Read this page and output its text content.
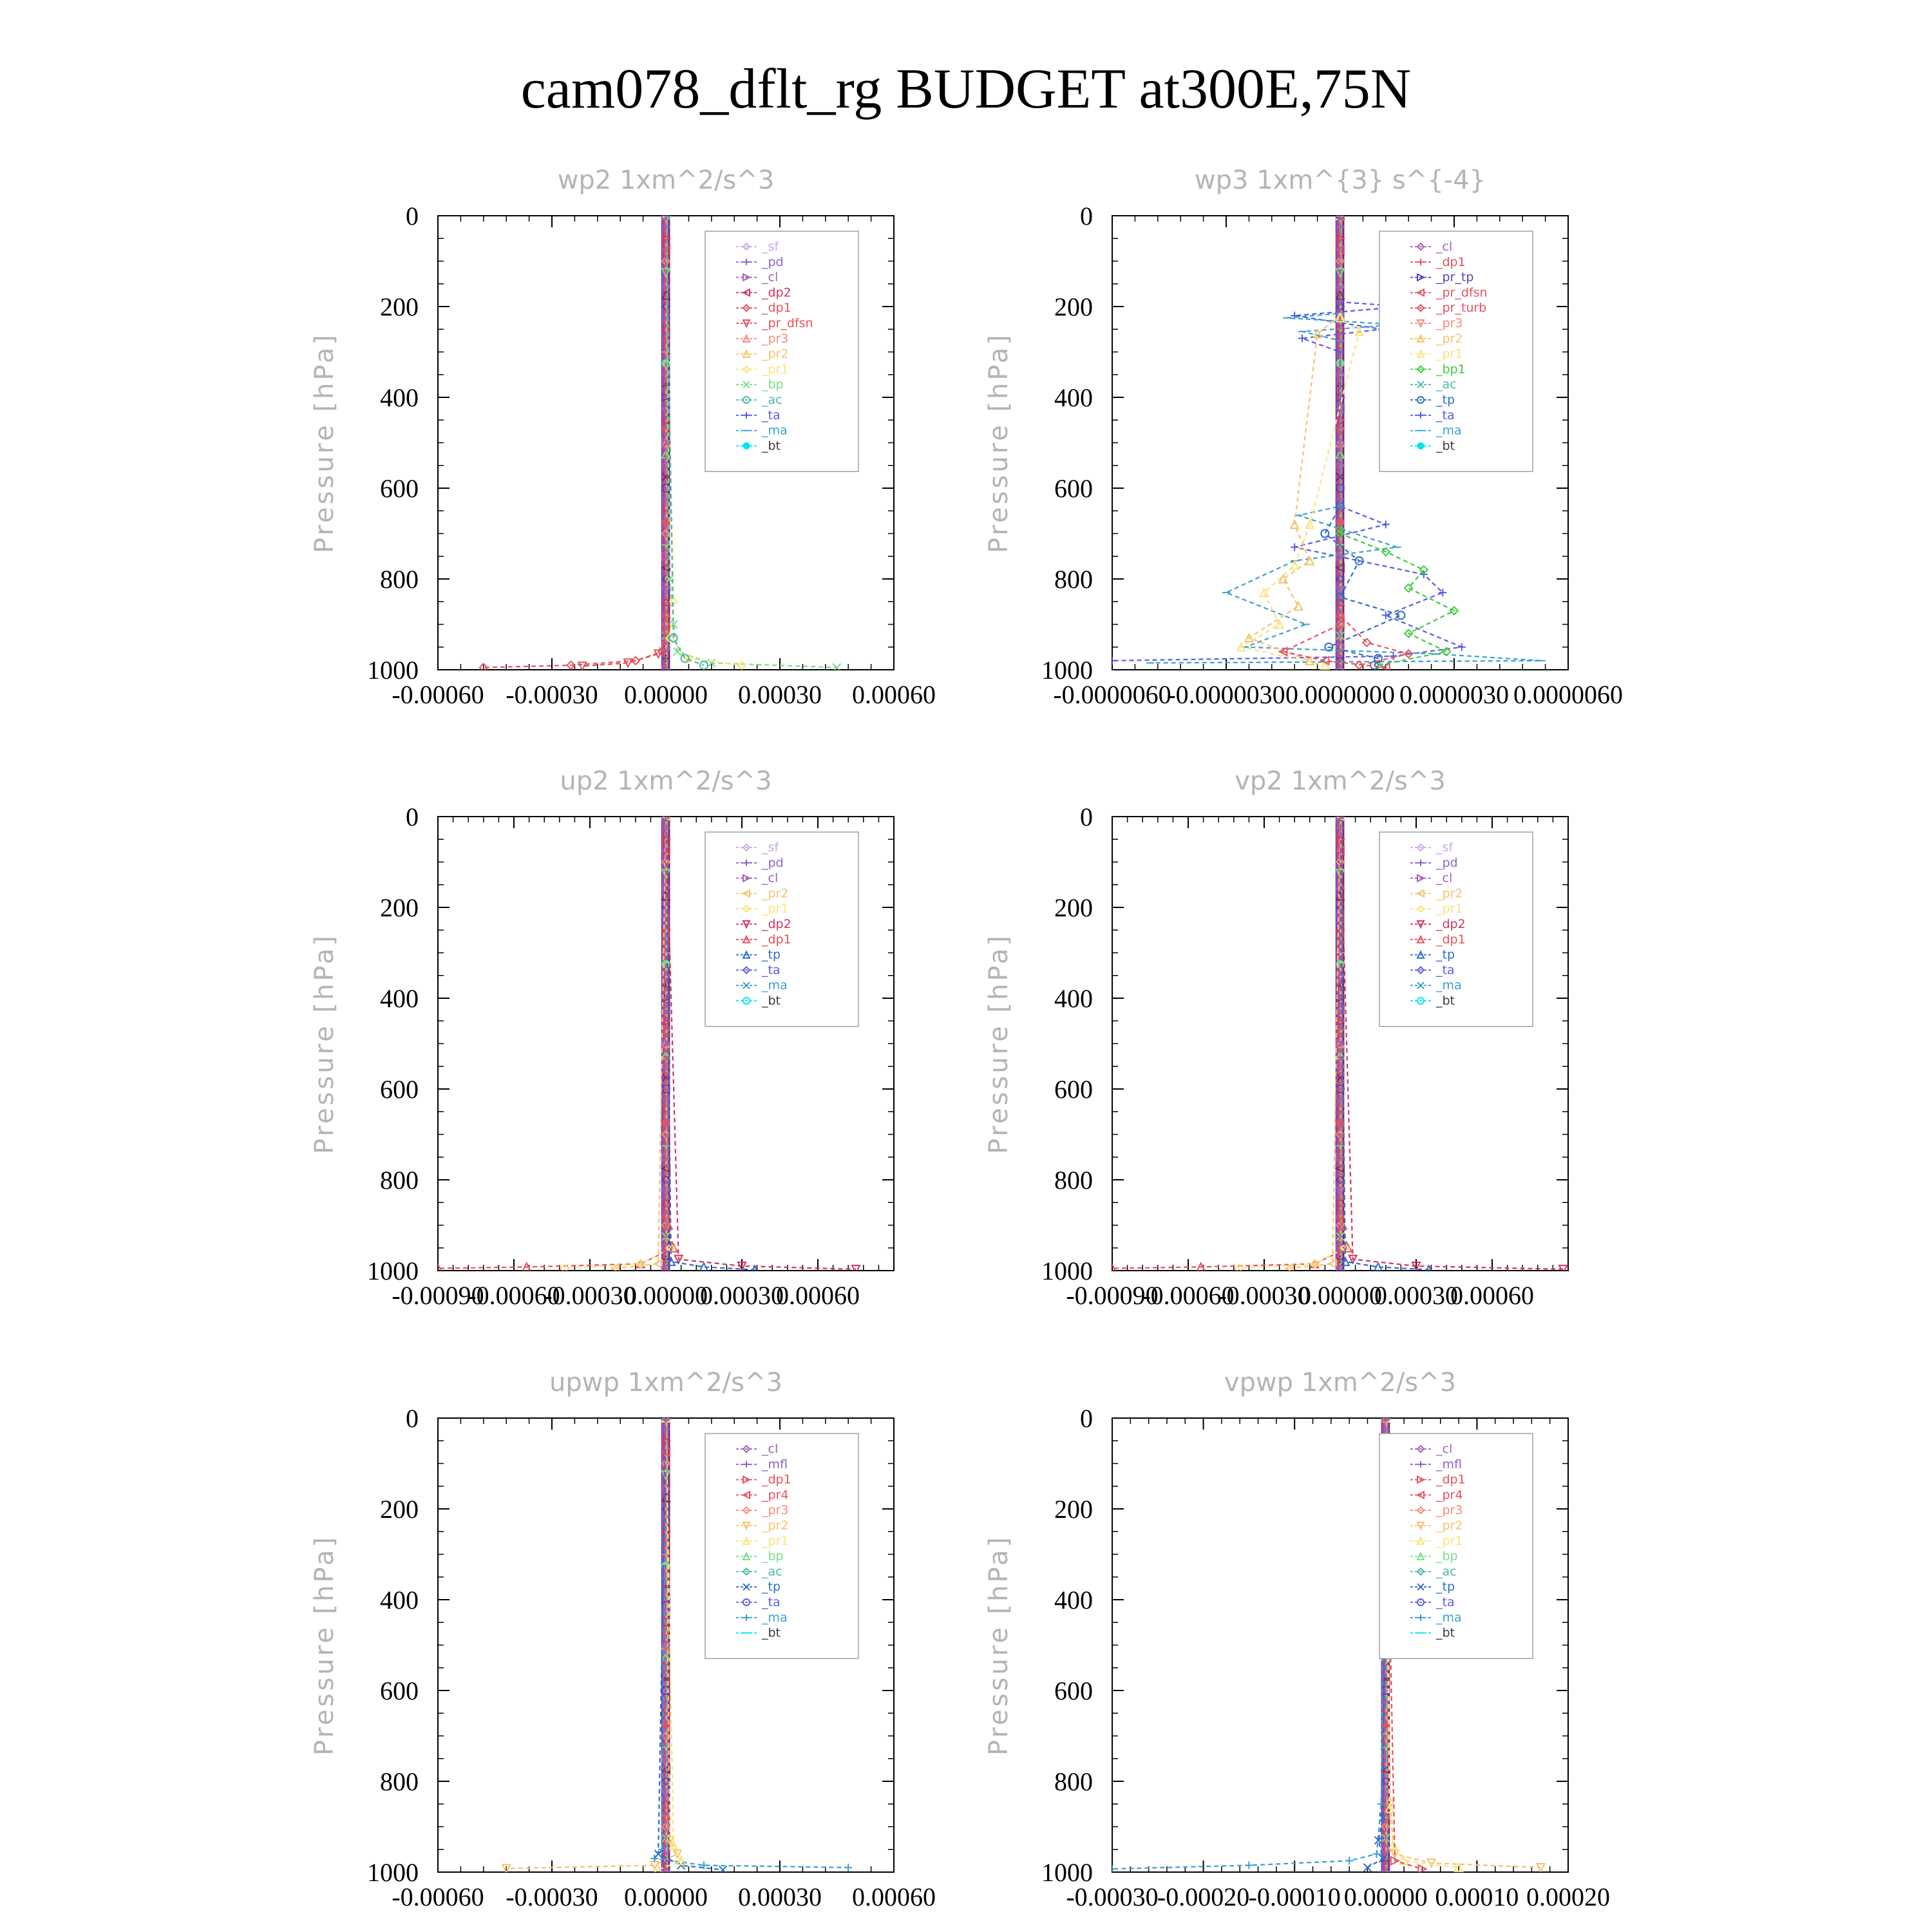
cam078_dflt_rg BUDGET at300E,75N
wp2 1xm^2/s^3
Pressure [hPa]
0
200
400
600
800
1000
-0.00060 -0.00030 0.00000 0.00030 0.00060
_sf
_pd
_cl
_dp2
_dp1
_pr_dfsn
_pr3
_pr2
_pr1
_bp
_ac
_ta
_ma
_bt
wp3 1xm^{3} s^{-4}
Pressure [hPa]
0
200
400
600
800
1000
-0.0000060
-0.0000030 0.0000000 0.0000030 0.0000060
_cl
_dp1
_pr_tp
_pr_dfsn
_pr_turb
_pr3
_pr2
_pr1
_bp1
_ac
_tp
_ta
_ma
_bt
up2 1xm^2/s^3
Pressure [hPa]
0
200
400
600
800
1000
-0.00090
-0.00060
-0.00030
0.00000
0.00030
0.00060
_sf
_pd
_cl
_pr2
_pr1
_dp2
_dp1
_tp
_ta
_ma
_bt
vp2 1xm^2/s^3
Pressure [hPa]
0
200
400
600
800
1000
-0.00090
-0.00060
-0.00030
0.00000
0.00030
0.00060
_sf
_pd
_cl
_pr2
_pr1
_dp2
_dp1
_tp
_ta
_ma
_bt
upwp 1xm^2/s^3
Pressure [hPa]
0
200
400
600
800
1000
-0.00060 -0.00030 0.00000 0.00030 0.00060
_cl
_mfl
_dp1
_pr4
_pr3
_pr2
_pr1
_bp
_ac
_tp
_ta
_ma
_bt
vpwp 1xm^2/s^3
Pressure [hPa]
0
200
400
600
800
1000
-0.00030
-0.00020
-0.00010 0.00000 0.00010 0.00020
_cl
_mfl
_dp1
_pr4
_pr3
_pr2
_pr1
_bp
_ac
_tp
_ta
_ma
_bt
